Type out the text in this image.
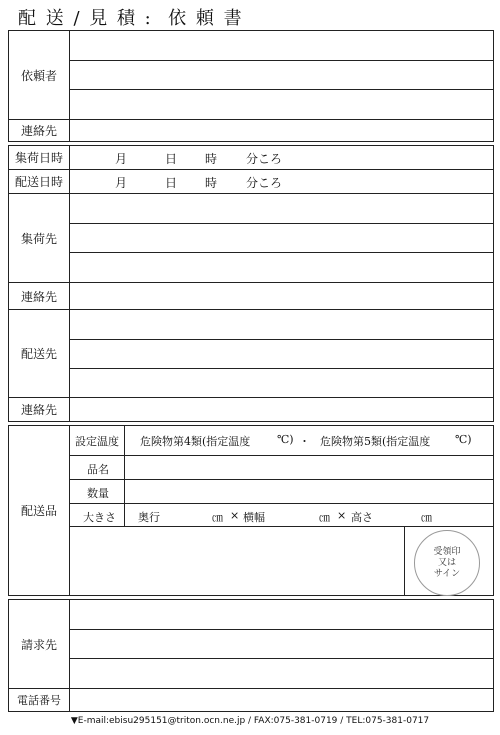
配 送 / 見 積 :  依 頼 書
依頼者
連絡先
集荷日時	月	日 時 分ころ
配送日時	月	日 時 分ころ
集荷先
連絡先
配送先
連絡先
配送品
設定温度 危険物第4類(指定温度 ℃) ・ 危険物第5類(指定温度 ℃)
品名
数量
大きさ 奥行	㎝ × 横幅	㎝ × 高さ	㎝
受領印
又は
サイン
請求先
電話番号
▼E-mail:ebisu295151@triton.ocn.ne.jp / FAX:075-381-0719 / TEL:075-381-0717
